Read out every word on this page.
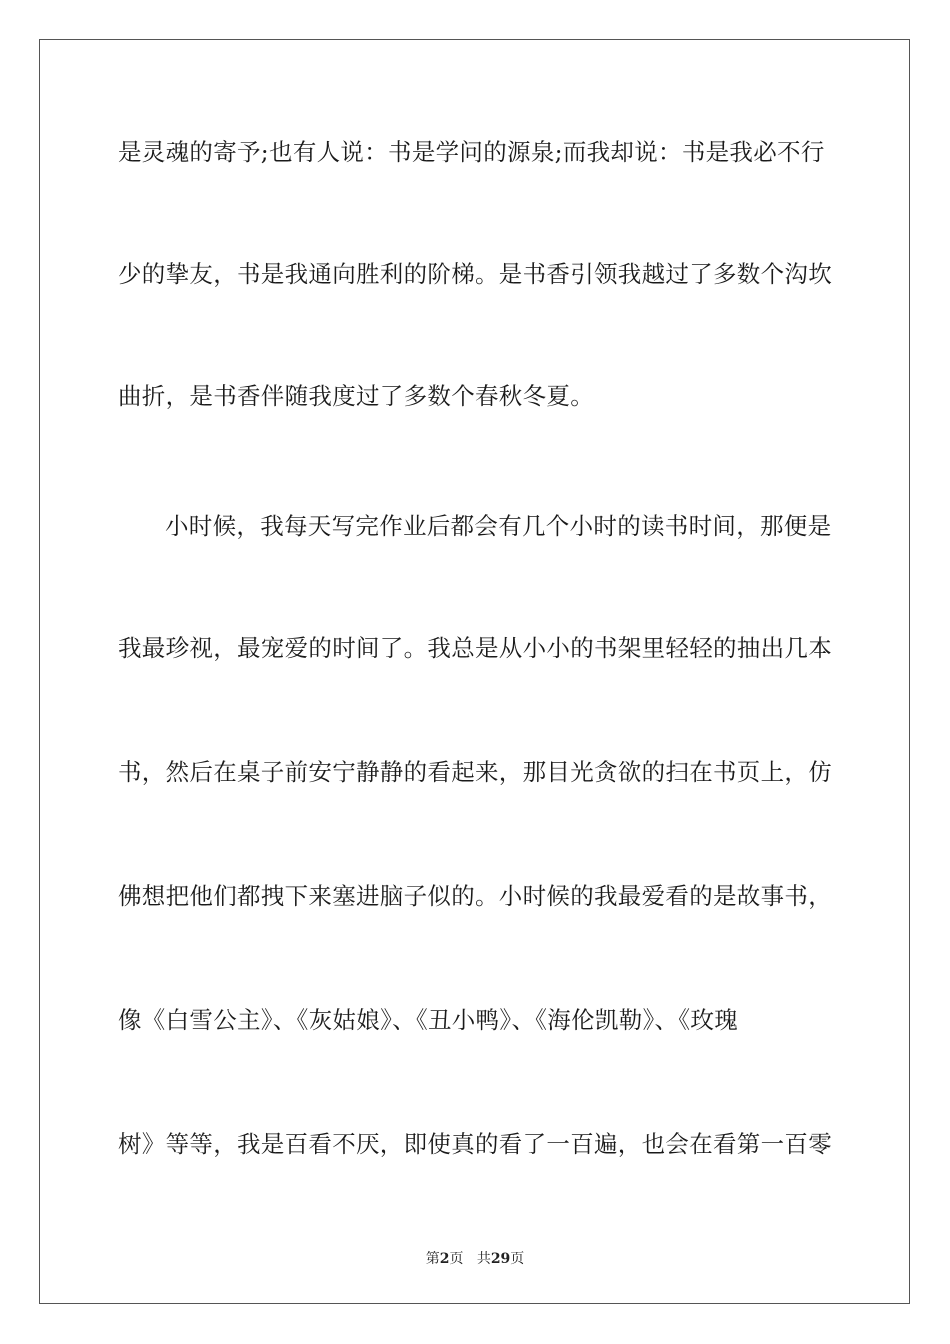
是灵魂的寄予;也有人说：书是学问的源泉;而我却说：书是我必不行
少的挚友，书是我通向胜利的阶梯。是书香引领我越过了多数个沟坎
曲折，是书香伴随我度过了多数个春秋冬夏。
小时候，我每天写完作业后都会有几个小时的读书时间，那便是
我最珍视，最宠爱的时间了。我总是从小小的书架里轻轻的抽出几本
书，然后在桌子前安宁静静的看起来，那目光贪欲的扫在书页上，仿
佛想把他们都拽下来塞进脑子似的。小时候的我最爱看的是故事书，
像《白雪公主》、《灰姑娘》、《丑小鸭》、《海伦凯勒》、《玫瑰
树》等等，我是百看不厌，即使真的看了一百遍，也会在看第一百零
第2页 共29页
